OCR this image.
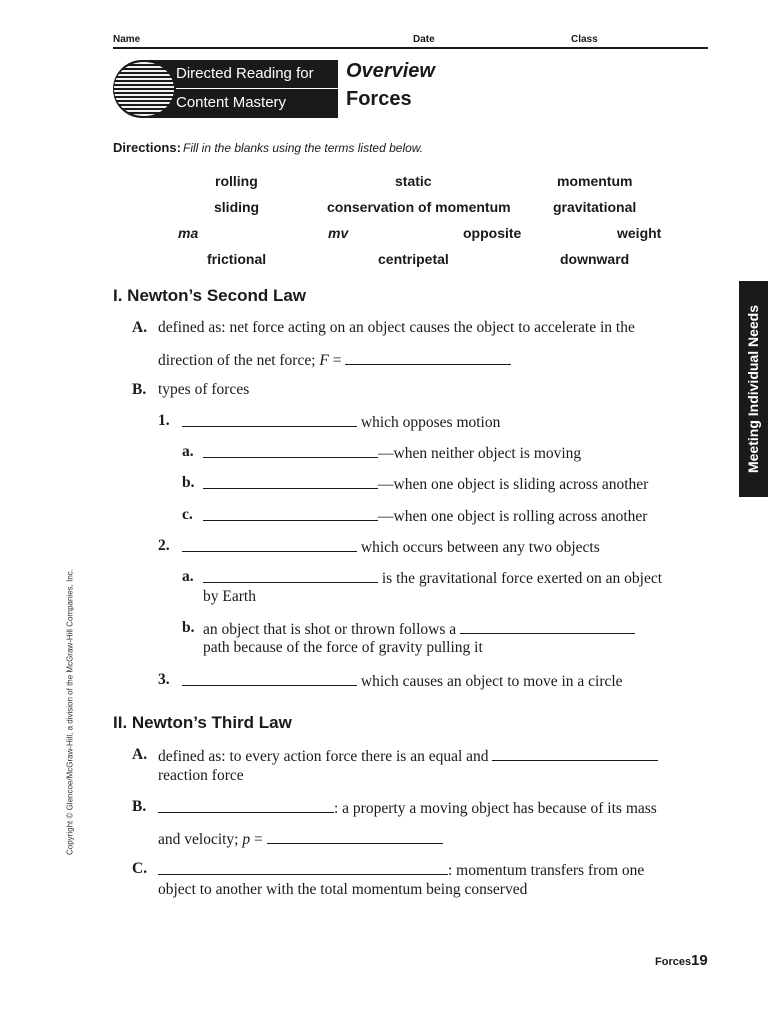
Name	Date	Class
Directed Reading for
Content Mastery
Overview
Forces
Directions: Fill in the blanks using the terms listed below.
rolling	static	momentum
sliding	conservation of momentum	gravitational
ma	mv	opposite	weight
frictional	centripetal	downward
I. Newton’s Second Law
A. defined as: net force acting on an object causes the object to accelerate in the
direction of the net force; F =
B. types of forces
1.	which opposes motion
a.	—when neither object is moving
b.	—when one object is sliding across another
c.	—when one object is rolling across another
2.	which occurs between any two objects
a.	is the gravitational force exerted on an object
by Earth
b. an object that is shot or thrown follows a
path because of the force of gravity pulling it
3.	which causes an object to move in a circle
II. Newton’s Third Law
A. defined as: to every action force there is an equal and
reaction force
B.	: a property a moving object has because of its mass
and velocity; p =
C.	: momentum transfers from one
object to another with the total momentum being conserved
Meeting Individual Needs
Copyright © Glencoe/McGraw-Hill, a division of the McGraw-Hill Companies, Inc.
Forces 19
